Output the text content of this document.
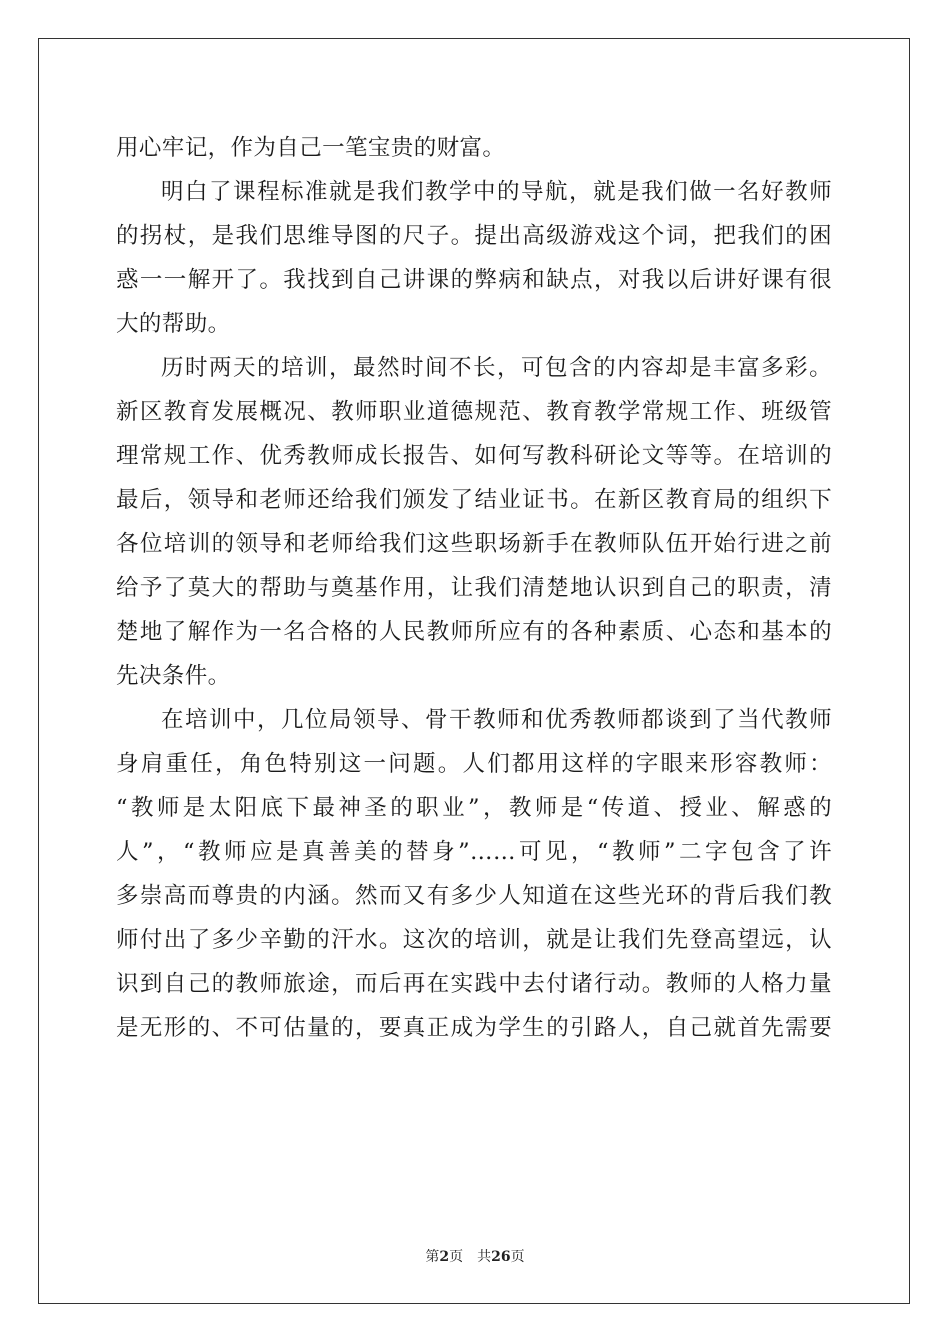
用心牢记，作为自己一笔宝贵的财富。
明白了课程标准就是我们教学中的导航，就是我们做一名好教师
的拐杖，是我们思维导图的尺子。提出高级游戏这个词，把我们的困
惑一一解开了。我找到自己讲课的弊病和缺点，对我以后讲好课有很
大的帮助。
历时两天的培训，最然时间不长，可包含的内容却是丰富多彩。
新区教育发展概况、教师职业道德规范、教育教学常规工作、班级管
理常规工作、优秀教师成长报告、如何写教科研论文等等。在培训的
最后，领导和老师还给我们颁发了结业证书。在新区教育局的组织下
各位培训的领导和老师给我们这些职场新手在教师队伍开始行进之前
给予了莫大的帮助与奠基作用，让我们清楚地认识到自己的职责，清
楚地了解作为一名合格的人民教师所应有的各种素质、心态和基本的
先决条件。
在培训中，几位局领导、骨干教师和优秀教师都谈到了当代教师
身肩重任，角色特别这一问题。人们都用这样的字眼来形容教师：
“教师是太阳底下最神圣的职业”，教师是“传道、授业、解惑的
人”，“教师应是真善美的替身”……可见，“教师”二字包含了许
多崇高而尊贵的内涵。然而又有多少人知道在这些光环的背后我们教
师付出了多少辛勤的汗水。这次的培训，就是让我们先登高望远，认
识到自己的教师旅途，而后再在实践中去付诸行动。教师的人格力量
是无形的、不可估量的，要真正成为学生的引路人，自己就首先需要
第2页 共26页
